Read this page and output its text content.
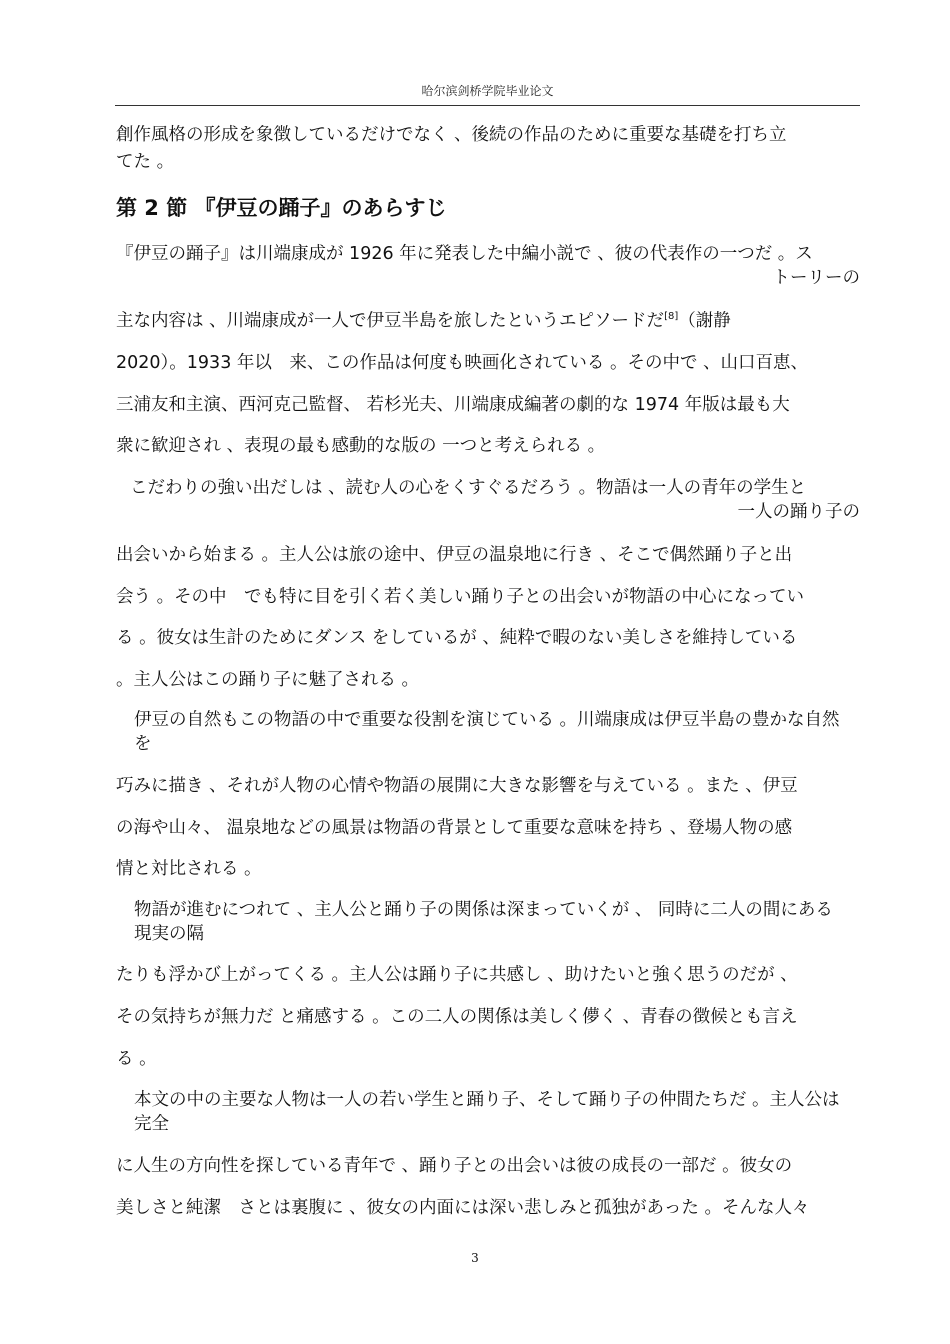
哈尔滨剑桥学院毕业论文
創作風格の形成を象徴しているだけでなく 、後続の作品のために重要な基礎を打ち立
てた 。
第 2 節 『伊豆の踊子』のあらすじ
『伊豆の踊子』は川端康成が 1926 年に発表した中編小説で 、彼の代表作の一つだ 。ス
トーリーの
主な内容は 、川端康成が一人で伊豆半島を旅したというエピソードだ[8]（謝静
2020）。1933 年以　来、この作品は何度も映画化されている 。その中で 、山口百恵、
三浦友和主演、西河克己監督、 若杉光夫、川端康成編著の劇的な 1974 年版は最も大
衆に歓迎され 、表現の最も感動的な版の 一つと考えられる 。
こだわりの強い出だしは 、読む人の心をくすぐるだろう 。物語は一人の青年の学生と
一人の踊り子の
出会いから始まる 。主人公は旅の途中、伊豆の温泉地に行き 、そこで偶然踊り子と出
会う 。その中　でも特に目を引く若く美しい踊り子との出会いが物語の中心になってい
る 。彼女は生計のためにダンス をしているが 、純粋で暇のない美しさを維持している
。主人公はこの踊り子に魅了される 。
伊豆の自然もこの物語の中で重要な役割を演じている 。川端康成は伊豆半島の豊かな自然を
巧みに描き 、それが人物の心情や物語の展開に大きな影響を与えている 。また 、伊豆
の海や山々、 温泉地などの風景は物語の背景として重要な意味を持ち 、登場人物の感
情と対比される 。
物語が進むにつれて 、主人公と踊り子の関係は深まっていくが 、 同時に二人の間にある現実の隔
たりも浮かび上がってくる 。主人公は踊り子に共感し 、助けたいと強く思うのだが 、
その気持ちが無力だ と痛感する 。この二人の関係は美しく儚く 、青春の徴候とも言え
る 。
本文の中の主要な人物は一人の若い学生と踊り子、そして踊り子の仲間たちだ 。主人公は完全
に人生の方向性を探している青年で 、踊り子との出会いは彼の成長の一部だ 。彼女の
美しさと純潔　さとは裏腹に 、彼女の内面には深い悲しみと孤独があった 。そんな人々
3
